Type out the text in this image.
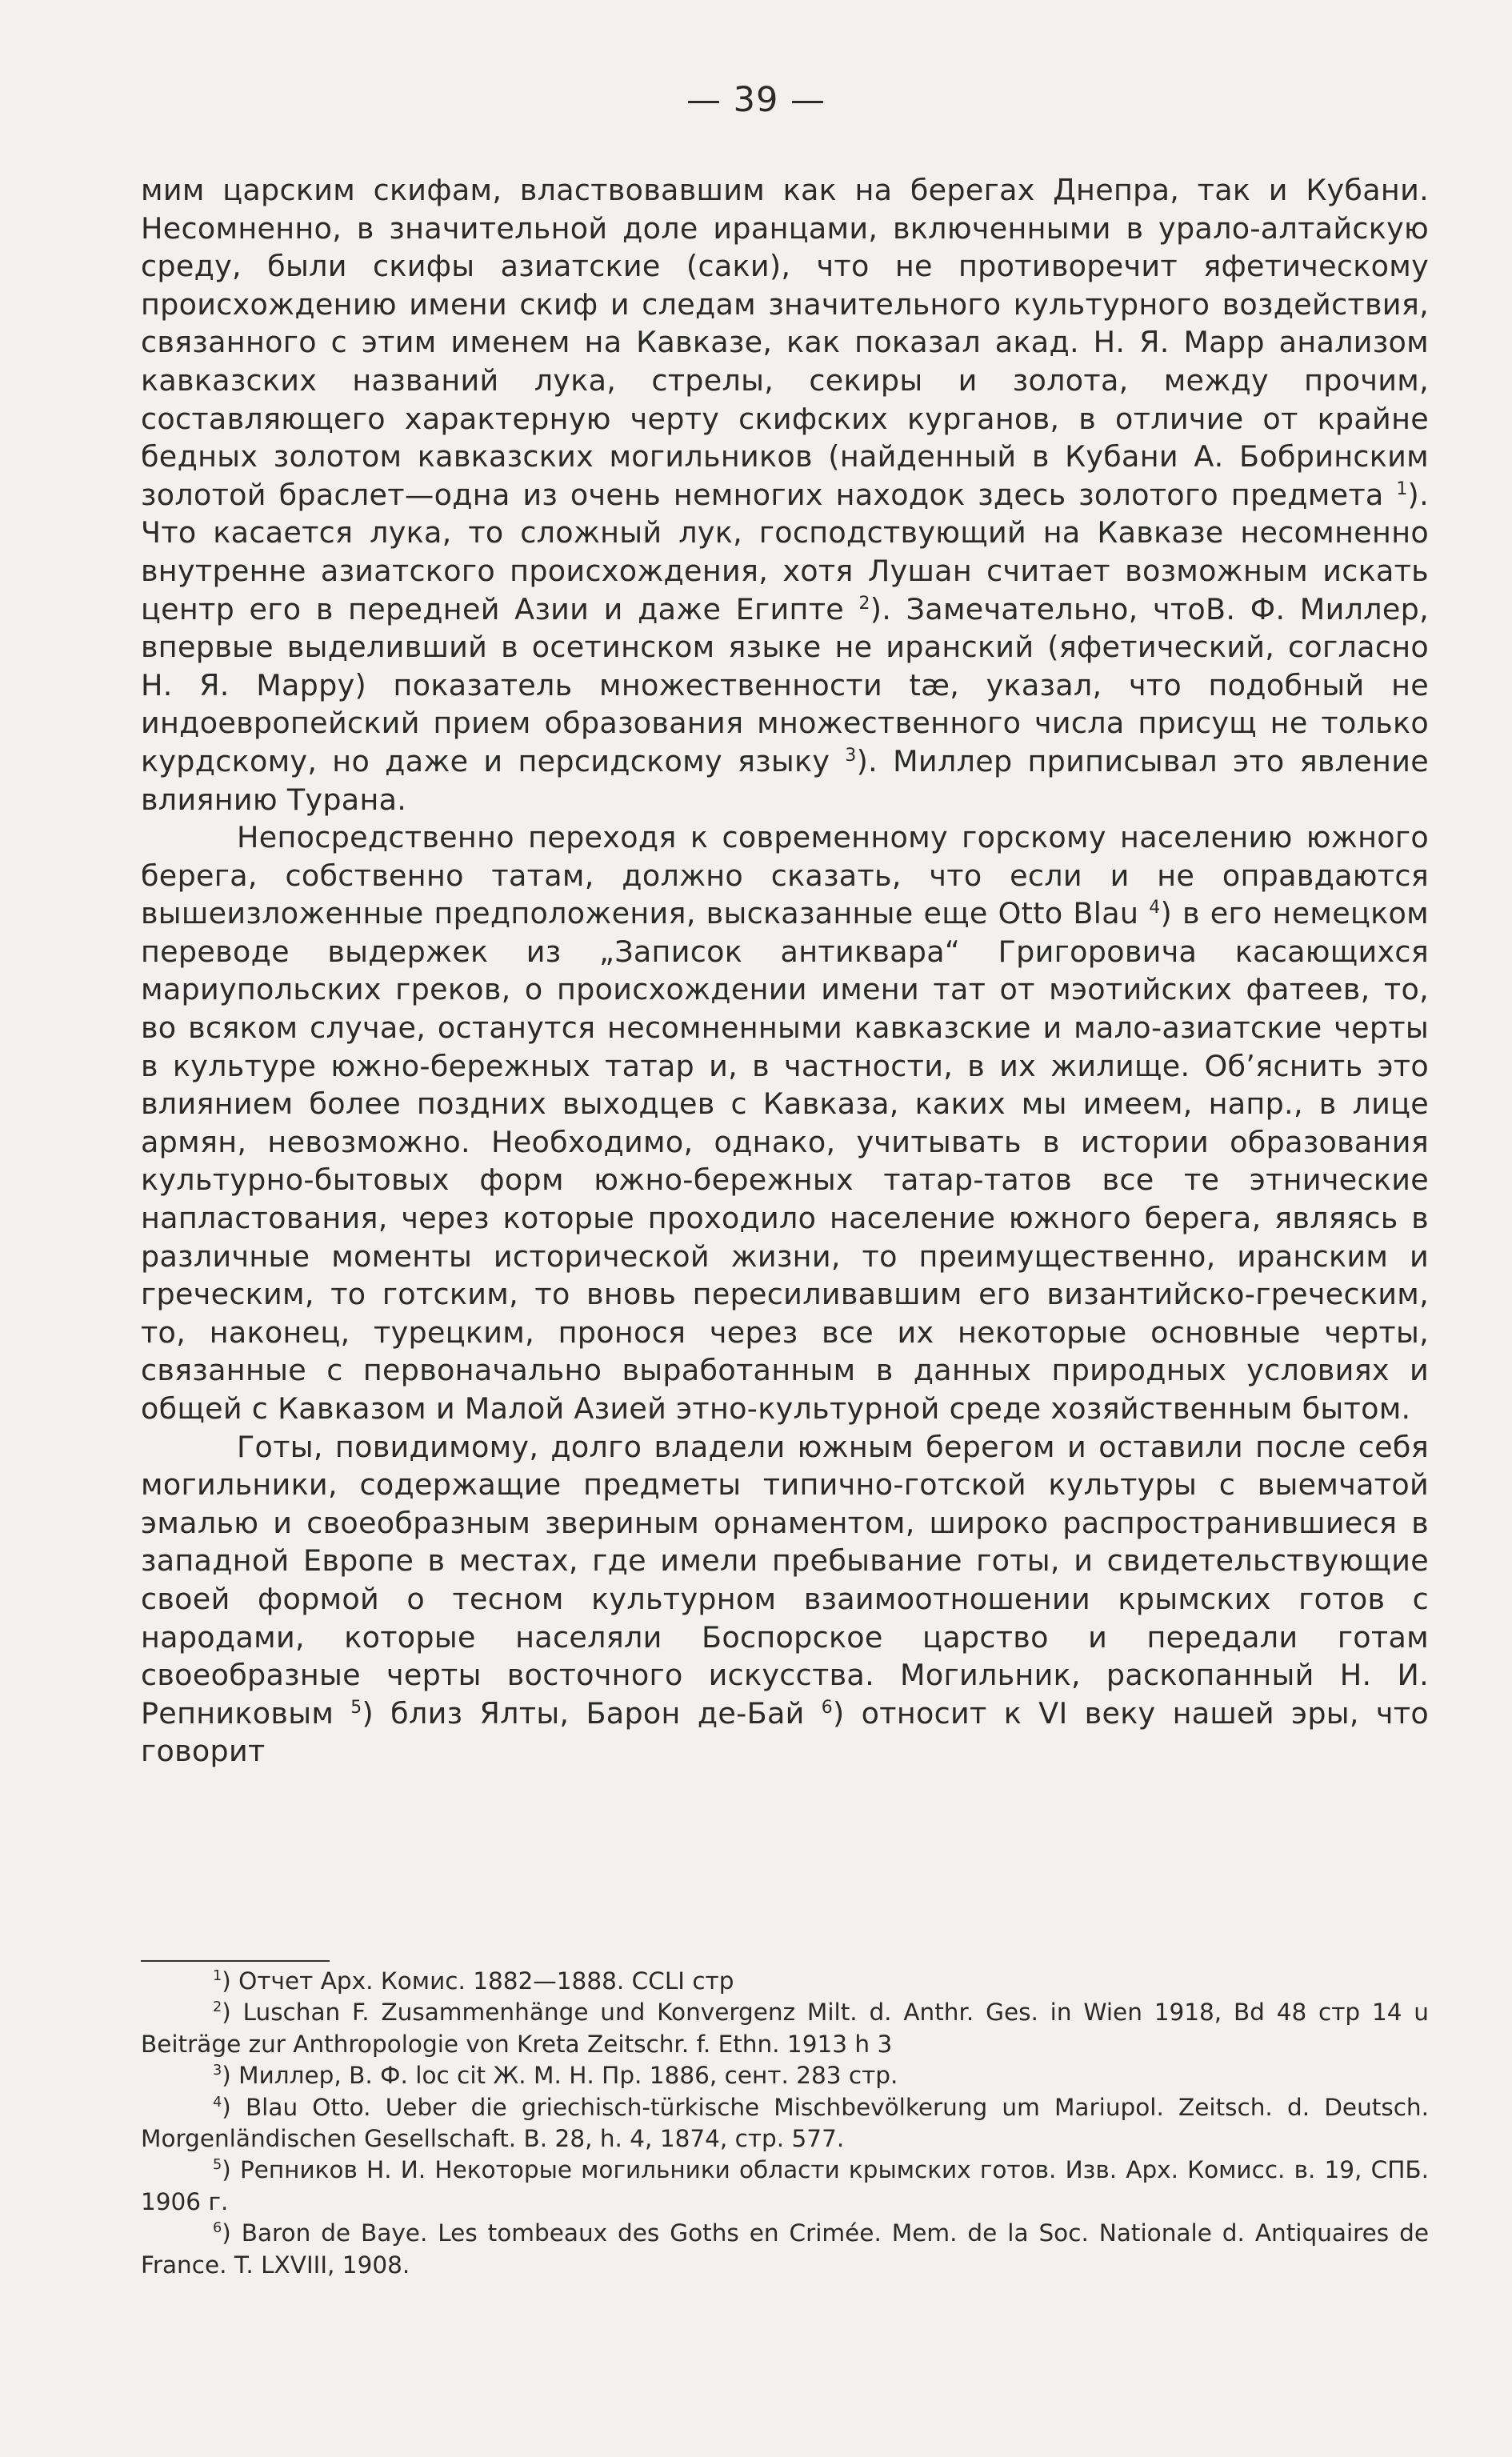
— 39 —

мим царским скифам, властвовавшим как на берегах Днепра, так и Кубани. Несомненно, в значительной доле иранцами, включенными в урало-алтайскую среду, были скифы азиатские (саки), что не противоречит яфетическому происхождению имени скиф и следам значительного культурного воздействия, связанного с этим именем на Кавказе, как показал акад. Н. Я. Марр анализом кавказских названий лука, стрелы, секиры и золота, между прочим, составляющего характерную черту скифских курганов, в отличие от крайне бедных золотом кавказских могильников (найденный в Кубани А. Бобринским золотой браслет—одна из очень немногих находок здесь золотого предмета $^1$). Что касается лука, то сложный лук, господствующий на Кавказе несомненно внутренне азиатского происхождения, хотя Лушан считает возможным искать центр его в передней Азии и даже Египте $^2$). Замечательно, чтоВ. Ф. Миллер, впервые выделивший в осетинском языке не иранский (яфетический, согласно Н. Я. Марру) показатель множественности tæ, указал, что подобный не индоевропейский прием образования множественного числа присущ не только курдскому, но даже и персидскому языку $^3$). Миллер приписывал это явление влиянию Турана.

Непосредственно переходя к современному горскому населению южного берега, собственно татам, должно сказать, что если и не оправдаются вышеизложенные предположения, высказанные еще Otto Blau $^4$) в его немецком переводе выдержек из „Записок антиквара“ Григоровича касающихся мариупольских греков, о происхождении имени тат от мэотийских фатеев, то, во всяком случае, останутся несомненными кавказские и мало-азиатские черты в культуре южно-бережных татар и, в частности, в их жилище. Об’яснить это влиянием более поздних выходцев с Кавказа, каких мы имеем, напр., в лице армян, невозможно. Необходимо, однако, учитывать в истории образования культурно-бытовых форм южно-бережных татар-татов все те этнические напластования, через которые проходило население южного берега, являясь в различные моменты исторической жизни, то преимущественно, иранским и греческим, то готским, то вновь пересиливавшим его византийско-греческим, то, наконец, турецким, пронося через все их некоторые основные черты, связанные с первоначально выработанным в данных природных условиях и общей с Кавказом и Малой Азией этно-культурной среде хозяйственным бытом.

Готы, повидимому, долго владели южным берегом и оставили после себя могильники, содержащие предметы типично-готской культуры с выемчатой эмалью и своеобразным звериным орнаментом, широко распространившиеся в западной Европе в местах, где имели пребывание готы, и свидетельствующие своей формой о тесном культурном взаимоотношении крымских готов с народами, которые населяли Боспорское царство и передали готам своеобразные черты восточного искусства. Могильник, раскопанный Н. И. Репниковым $^5$) близ Ялты, Барон де-Бай $^6$) относит к VI веку нашей эры, что говорит

$^1$) Отчет Арх. Комис. 1882—1888. CCLI стр

$^2$) Luschan F. Zusammenhänge und Konvergenz Milt. d. Anthr. Ges. in Wien 1918, Bd 48 стр 14 u Beiträge zur Anthropologie von Kreta Zeitschr. f. Ethn. 1913 h 3

$^3$) Миллер, В. Ф. loc cit Ж. М. Н. Пр. 1886, сент. 283 стр.

$^4$) Blau Otto. Ueber die griechisch-türkische Mischbevölkerung um Mariupol. Zeitsch. d. Deutsch. Morgenländischen Gesellschaft. B. 28, h. 4, 1874, стр. 577.

$^5$) Репников Н. И. Некоторые могильники области крымских готов. Изв. Арх. Комисс. в. 19, СПБ. 1906 г.

$^6$) Baron de Baye. Les tombeaux des Goths en Crimée. Mem. de la Soc. Nationale d. Antiquaires de France. T. LXVIII, 1908.
